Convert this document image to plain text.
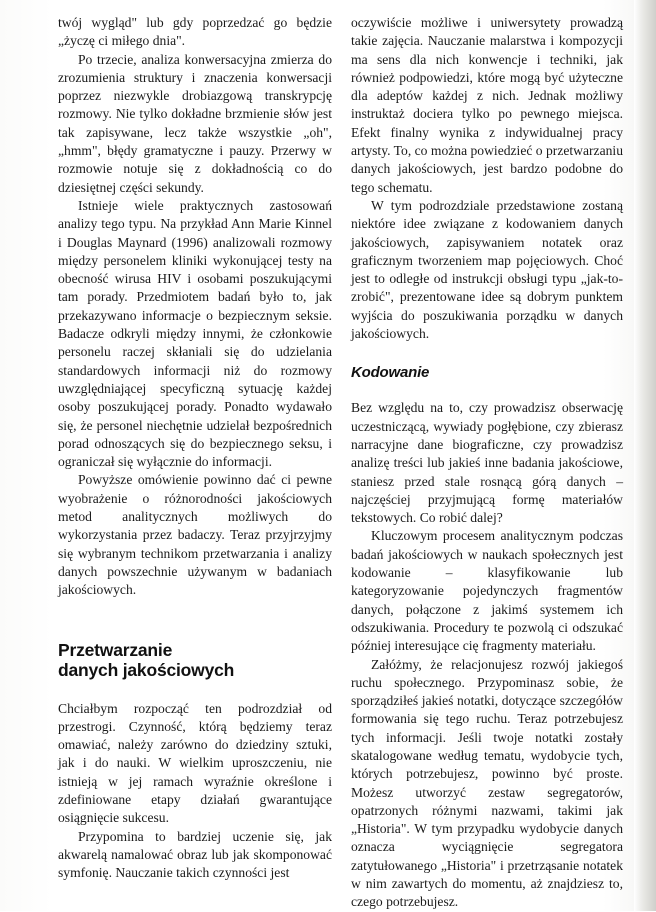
twój wygląd" lub gdy poprzedzać go będzie „życzę ci miłego dnia".

Po trzecie, analiza konwersacyjna zmierza do zrozumienia struktury i znaczenia konwersacji poprzez niezwykle drobiazgową transkrypcję rozmowy. Nie tylko dokładne brzmienie słów jest tak zapisywane, lecz także wszystkie „oh", „hmm", błędy gramatyczne i pauzy. Przerwy w rozmowie notuje się z dokładnością co do dziesiętnej części sekundy.

Istnieje wiele praktycznych zastosowań analizy tego typu. Na przykład Ann Marie Kinnel i Douglas Maynard (1996) analizowali rozmowy między personelem kliniki wykonującej testy na obecność wirusa HIV i osobami poszukującymi tam porady. Przedmiotem badań było to, jak przekazywano informacje o bezpiecznym seksie. Badacze odkryli między innymi, że członkowie personelu raczej skłaniali się do udzielania standardowych informacji niż do rozmowy uwzględniającej specyficzną sytuację każdej osoby poszukującej porady. Ponadto wydawało się, że personel niechętnie udzielał bezpośrednich porad odnoszących się do bezpiecznego seksu, i ograniczał się wyłącznie do informacji.

Powyższe omówienie powinno dać ci pewne wyobrażenie o różnorodności jakościowych metod analitycznych możliwych do wykorzystania przez badaczy. Teraz przyjrzyjmy się wybranym technikom przetwarzania i analizy danych powszechnie używanym w badaniach jakościowych.

Przetwarzanie
danych jakościowych

Chciałbym rozpocząć ten podrozdział od przestrogi. Czynność, którą będziemy teraz omawiać, należy zarówno do dziedziny sztuki, jak i do nauki. W wielkim uproszczeniu, nie istnieją w jej ramach wyraźnie określone i zdefiniowane etapy działań gwarantujące osiągnięcie sukcesu.

Przypomina to bardziej uczenie się, jak akwarelą namalować obraz lub jak skomponować symfonię. Nauczanie takich czynności jest

oczywiście możliwe i uniwersytety prowadzą takie zajęcia. Nauczanie malarstwa i kompozycji ma sens dla nich konwencje i techniki, jak również podpowiedzi, które mogą być użyteczne dla adeptów każdej z nich. Jednak możliwy instruktaż dociera tylko po pewnego miejsca. Efekt finalny wynika z indywidualnej pracy artysty. To, co można powiedzieć o przetwarzaniu danych jakościowych, jest bardzo podobne do tego schematu.

W tym podrozdziale przedstawione zostaną niektóre idee związane z kodowaniem danych jakościowych, zapisywaniem notatek oraz graficznym tworzeniem map pojęciowych. Choć jest to odległe od instrukcji obsługi typu „jak-to-zrobić", prezentowane idee są dobrym punktem wyjścia do poszukiwania porządku w danych jakościowych.

Kodowanie

Bez względu na to, czy prowadzisz obserwację uczestniczącą, wywiady pogłębione, czy zbierasz narracyjne dane biograficzne, czy prowadzisz analizę treści lub jakieś inne badania jakościowe, staniesz przed stale rosnącą górą danych – najczęściej przyjmującą formę materiałów tekstowych. Co robić dalej?

Kluczowym procesem analitycznym podczas badań jakościowych w naukach społecznych jest kodowanie – klasyfikowanie lub kategoryzowanie pojedynczych fragmentów danych, połączone z jakimś systemem ich odszukiwania. Procedury te pozwolą ci odszukać później interesujące cię fragmenty materiału.

Załóżmy, że relacjonujesz rozwój jakiegoś ruchu społecznego. Przypominasz sobie, że sporządziłeś jakieś notatki, dotyczące szczegółów formowania się tego ruchu. Teraz potrzebujesz tych informacji. Jeśli twoje notatki zostały skatalogowane według tematu, wydobycie tych, których potrzebujesz, powinno być proste. Możesz utworzyć zestaw segregatorów, opatrzonych różnymi nazwami, takimi jak „Historia". W tym przypadku wydobycie danych oznacza wyciągnięcie segregatora zatytułowanego „Historia" i przetrząsanie notatek w nim zawartych do momentu, aż znajdziesz to, czego potrzebujesz.
